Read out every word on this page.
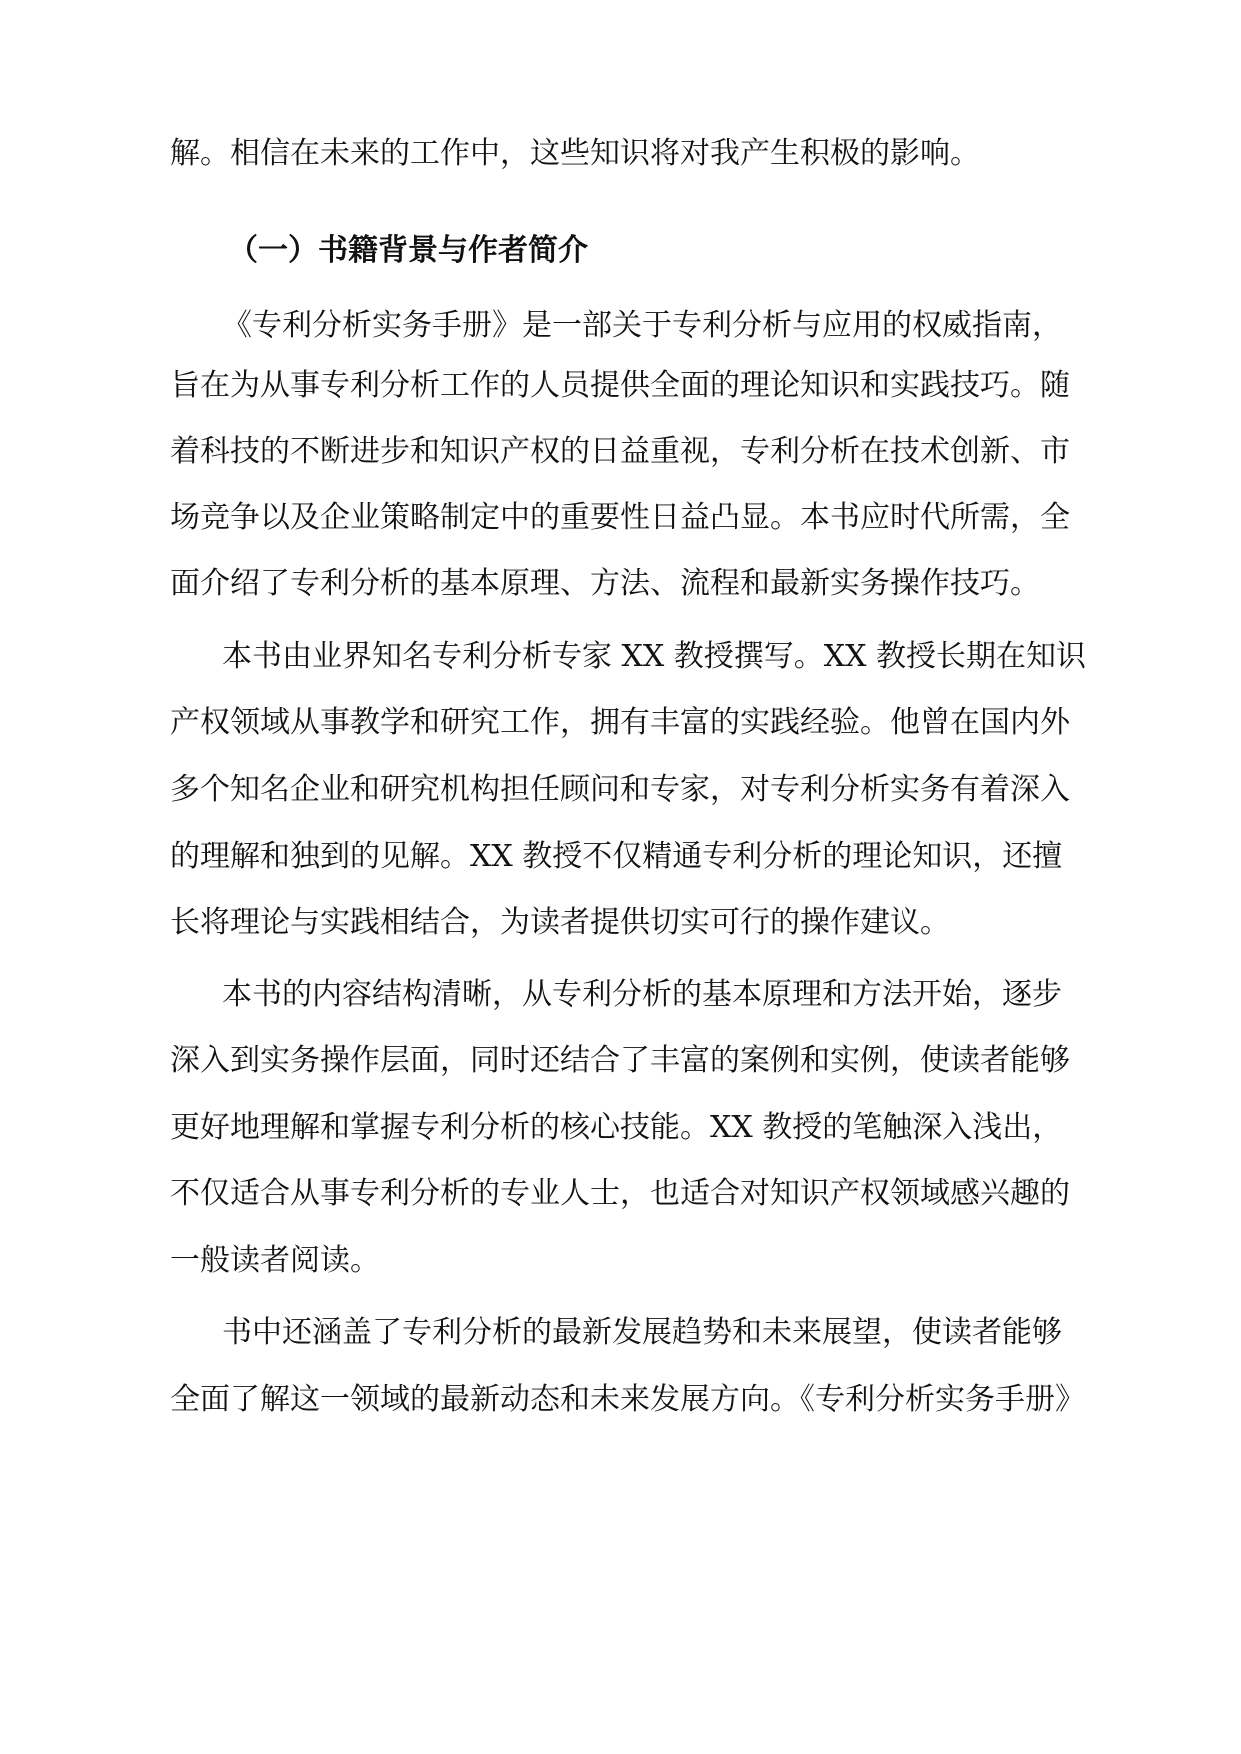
解。相信在未来的工作中，这些知识将对我产生积极的影响。
（一）书籍背景与作者简介
《专利分析实务手册》是一部关于专利分析与应用的权威指南，
旨在为从事专利分析工作的人员提供全面的理论知识和实践技巧。随
着科技的不断进步和知识产权的日益重视，专利分析在技术创新、市
场竞争以及企业策略制定中的重要性日益凸显。本书应时代所需，全
面介绍了专利分析的基本原理、方法、流程和最新实务操作技巧。
本书由业界知名专利分析专家 XX 教授撰写。XX 教授长期在知识
产权领域从事教学和研究工作，拥有丰富的实践经验。他曾在国内外
多个知名企业和研究机构担任顾问和专家，对专利分析实务有着深入
的理解和独到的见解。XX 教授不仅精通专利分析的理论知识，还擅
长将理论与实践相结合，为读者提供切实可行的操作建议。
本书的内容结构清晰，从专利分析的基本原理和方法开始，逐步
深入到实务操作层面，同时还结合了丰富的案例和实例，使读者能够
更好地理解和掌握专利分析的核心技能。XX 教授的笔触深入浅出，
不仅适合从事专利分析的专业人士，也适合对知识产权领域感兴趣的
一般读者阅读。
书中还涵盖了专利分析的最新发展趋势和未来展望，使读者能够
全面了解这一领域的最新动态和未来发展方向。《专利分析实务手册》
